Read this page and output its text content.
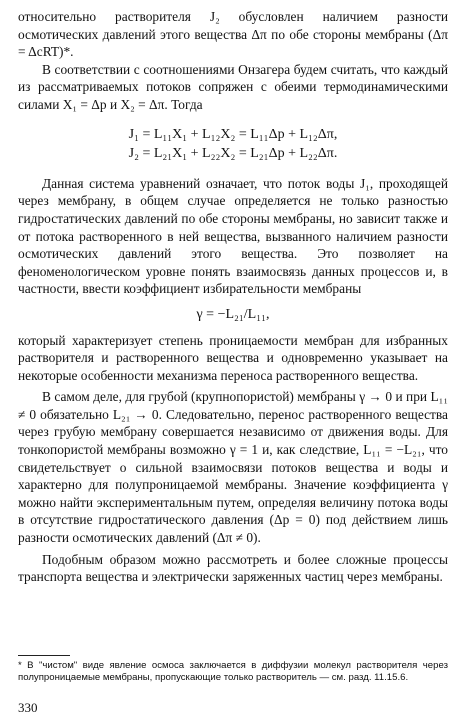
относительно растворителя J₂ обусловлен наличием разности осмотических давлений этого вещества Δπ по обе стороны мембраны (Δπ = ΔcRT)*.

В соответствии с соотношениями Онзагера будем считать, что каждый из рассматриваемых потоков сопряжен с обеими термодинамическими силами X₁ = Δp и X₂ = Δπ. Тогда

J₁ = L₁₁X₁ + L₁₂X₂ = L₁₁Δp + L₁₂Δπ,
J₂ = L₂₁X₁ + L₂₂X₂ = L₂₁Δp + L₂₂Δπ.

Данная система уравнений означает, что поток воды J₁, проходящей через мембрану, в общем случае определяется не только разностью гидростатических давлений по обе стороны мембраны, но зависит также и от потока растворенного в ней вещества, вызванного наличием разности осмотических давлений этого вещества. Это позволяет на феноменологическом уровне понять взаимосвязь данных процессов и, в частности, ввести коэффициент избирательности мембраны

γ = −L₂₁/L₁₁,

который характеризует степень проницаемости мембран для избранных растворителя и растворенного вещества и одновременно указывает на некоторые особенности механизма переноса растворенного вещества.

В самом деле, для грубой (крупнопористой) мембраны γ → 0 и при L₁₁ ≠ 0 обязательно L₂₁ → 0. Следовательно, перенос растворенного вещества через грубую мембрану совершается независимо от движения воды. Для тонкопористой мембраны возможно γ = 1 и, как следствие, L₁₁ = −L₂₁, что свидетельствует о сильной взаимосвязи потоков вещества и воды и характерно для полупроницаемой мембраны. Значение коэффициента γ можно найти экспериментальным путем, определяя величину потока воды в отсутствие гидростатического давления (Δp = 0) под действием лишь разности осмотических давлений (Δπ ≠ 0).

Подобным образом можно рассмотреть и более сложные процессы транспорта вещества и электрически заряженных частиц через мембраны.

* В "чистом" виде явление осмоса заключается в диффузии молекул растворителя через полупроницаемые мембраны, пропускающие только растворитель — см. разд. 11.15.6.

330
